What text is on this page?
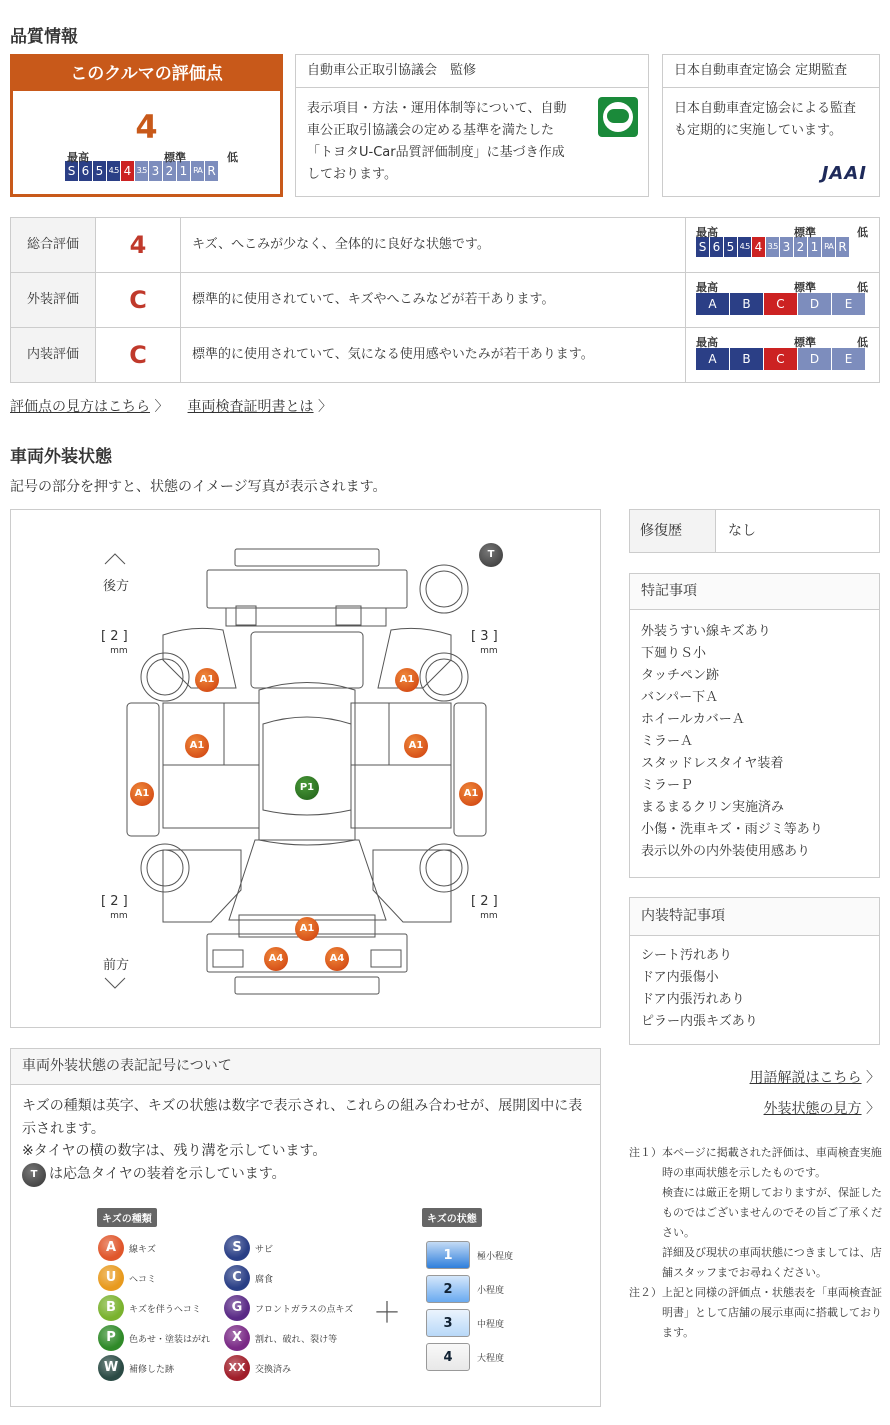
品質情報
このクルマの評価点
4
最高	標準	低
S 6 5 4.5 4 3.5 3 2 1 RA R
自動車公正取引協議会　監修
表示項目・方法・運用体制等について、自動車公正取引協議会の定める基準を満たした「トヨタU-Car品質評価制度」に基づき作成しております。
日本自動車査定協会 定期監査
日本自動車査定協会による監査も定期的に実施しています。
JAAI
総合評価	4	キズ、へこみが少なく、全体的に良好な状態です。
最高	標準	低
S 6 5 4.5 4 3.5 3 2 1 RA R
外装評価	C	標準的に使用されていて、キズやへこみなどが若干あります。
最高	標準	低
A	B	C	D	E
内装評価	C	標準的に使用されていて、気になる使用感やいたみが若干あります。
最高	標準	低
A	B	C	D	E
評価点の見方はこちら 〉 車両検査証明書とは 〉
車両外装状態
記号の部分を押すと、状態のイメージ写真が表示されます。
後方
前方
[ 2 ]
mm
[ 3 ]
mm
[ 2 ]
mm
[ 2 ]
mm
A1	A1
A1	A1
A1	A1
P1
A1
A4	A4
T
修復歴	なし
特記事項
外装うすい線キズあり
下廻りＳ小
タッチペン跡
バンパー下Ａ
ホイールカバーＡ
ミラーＡ
スタッドレスタイヤ装着
ミラーＰ
まるまるクリン実施済み
小傷・洗車キズ・雨ジミ等あり
表示以外の内外装使用感あり
内装特記事項
シート汚れあり
ドア内張傷小
ドア内張汚れあり
ピラー内張キズあり
車両外装状態の表記記号について
キズの種類は英字、キズの状態は数字で表示され、これらの組み合わせが、展開図中に表示されます。
※タイヤの横の数字は、残り溝を示しています。
T は応急タイヤの装着を示しています。
キズの種類	キズの状態
A	線キズ
U	ヘコミ
B	キズを伴うヘコミ
P	色あせ・塗装はがれ
W	補修した跡
S	サビ
C	腐食
G	フロントガラスの点キズ
X	割れ、破れ、裂け等
XX	交換済み
＋
1	極小程度
2	小程度
3	中程度
4	大程度
用語解説はこちら 〉
外装状態の見方 〉
注１） 本ページに掲載された評価は、車両検査実施時の車両状態を示したものです。
検査には厳正を期しておりますが、保証したものではございませんのでその旨ご了承ください。
詳細及び現状の車両状態につきましては、店舗スタッフまでお尋ねください。
注２） 上記と同様の評価点・状態表を「車両検査証明書」として店舗の展示車両に搭載しております。
